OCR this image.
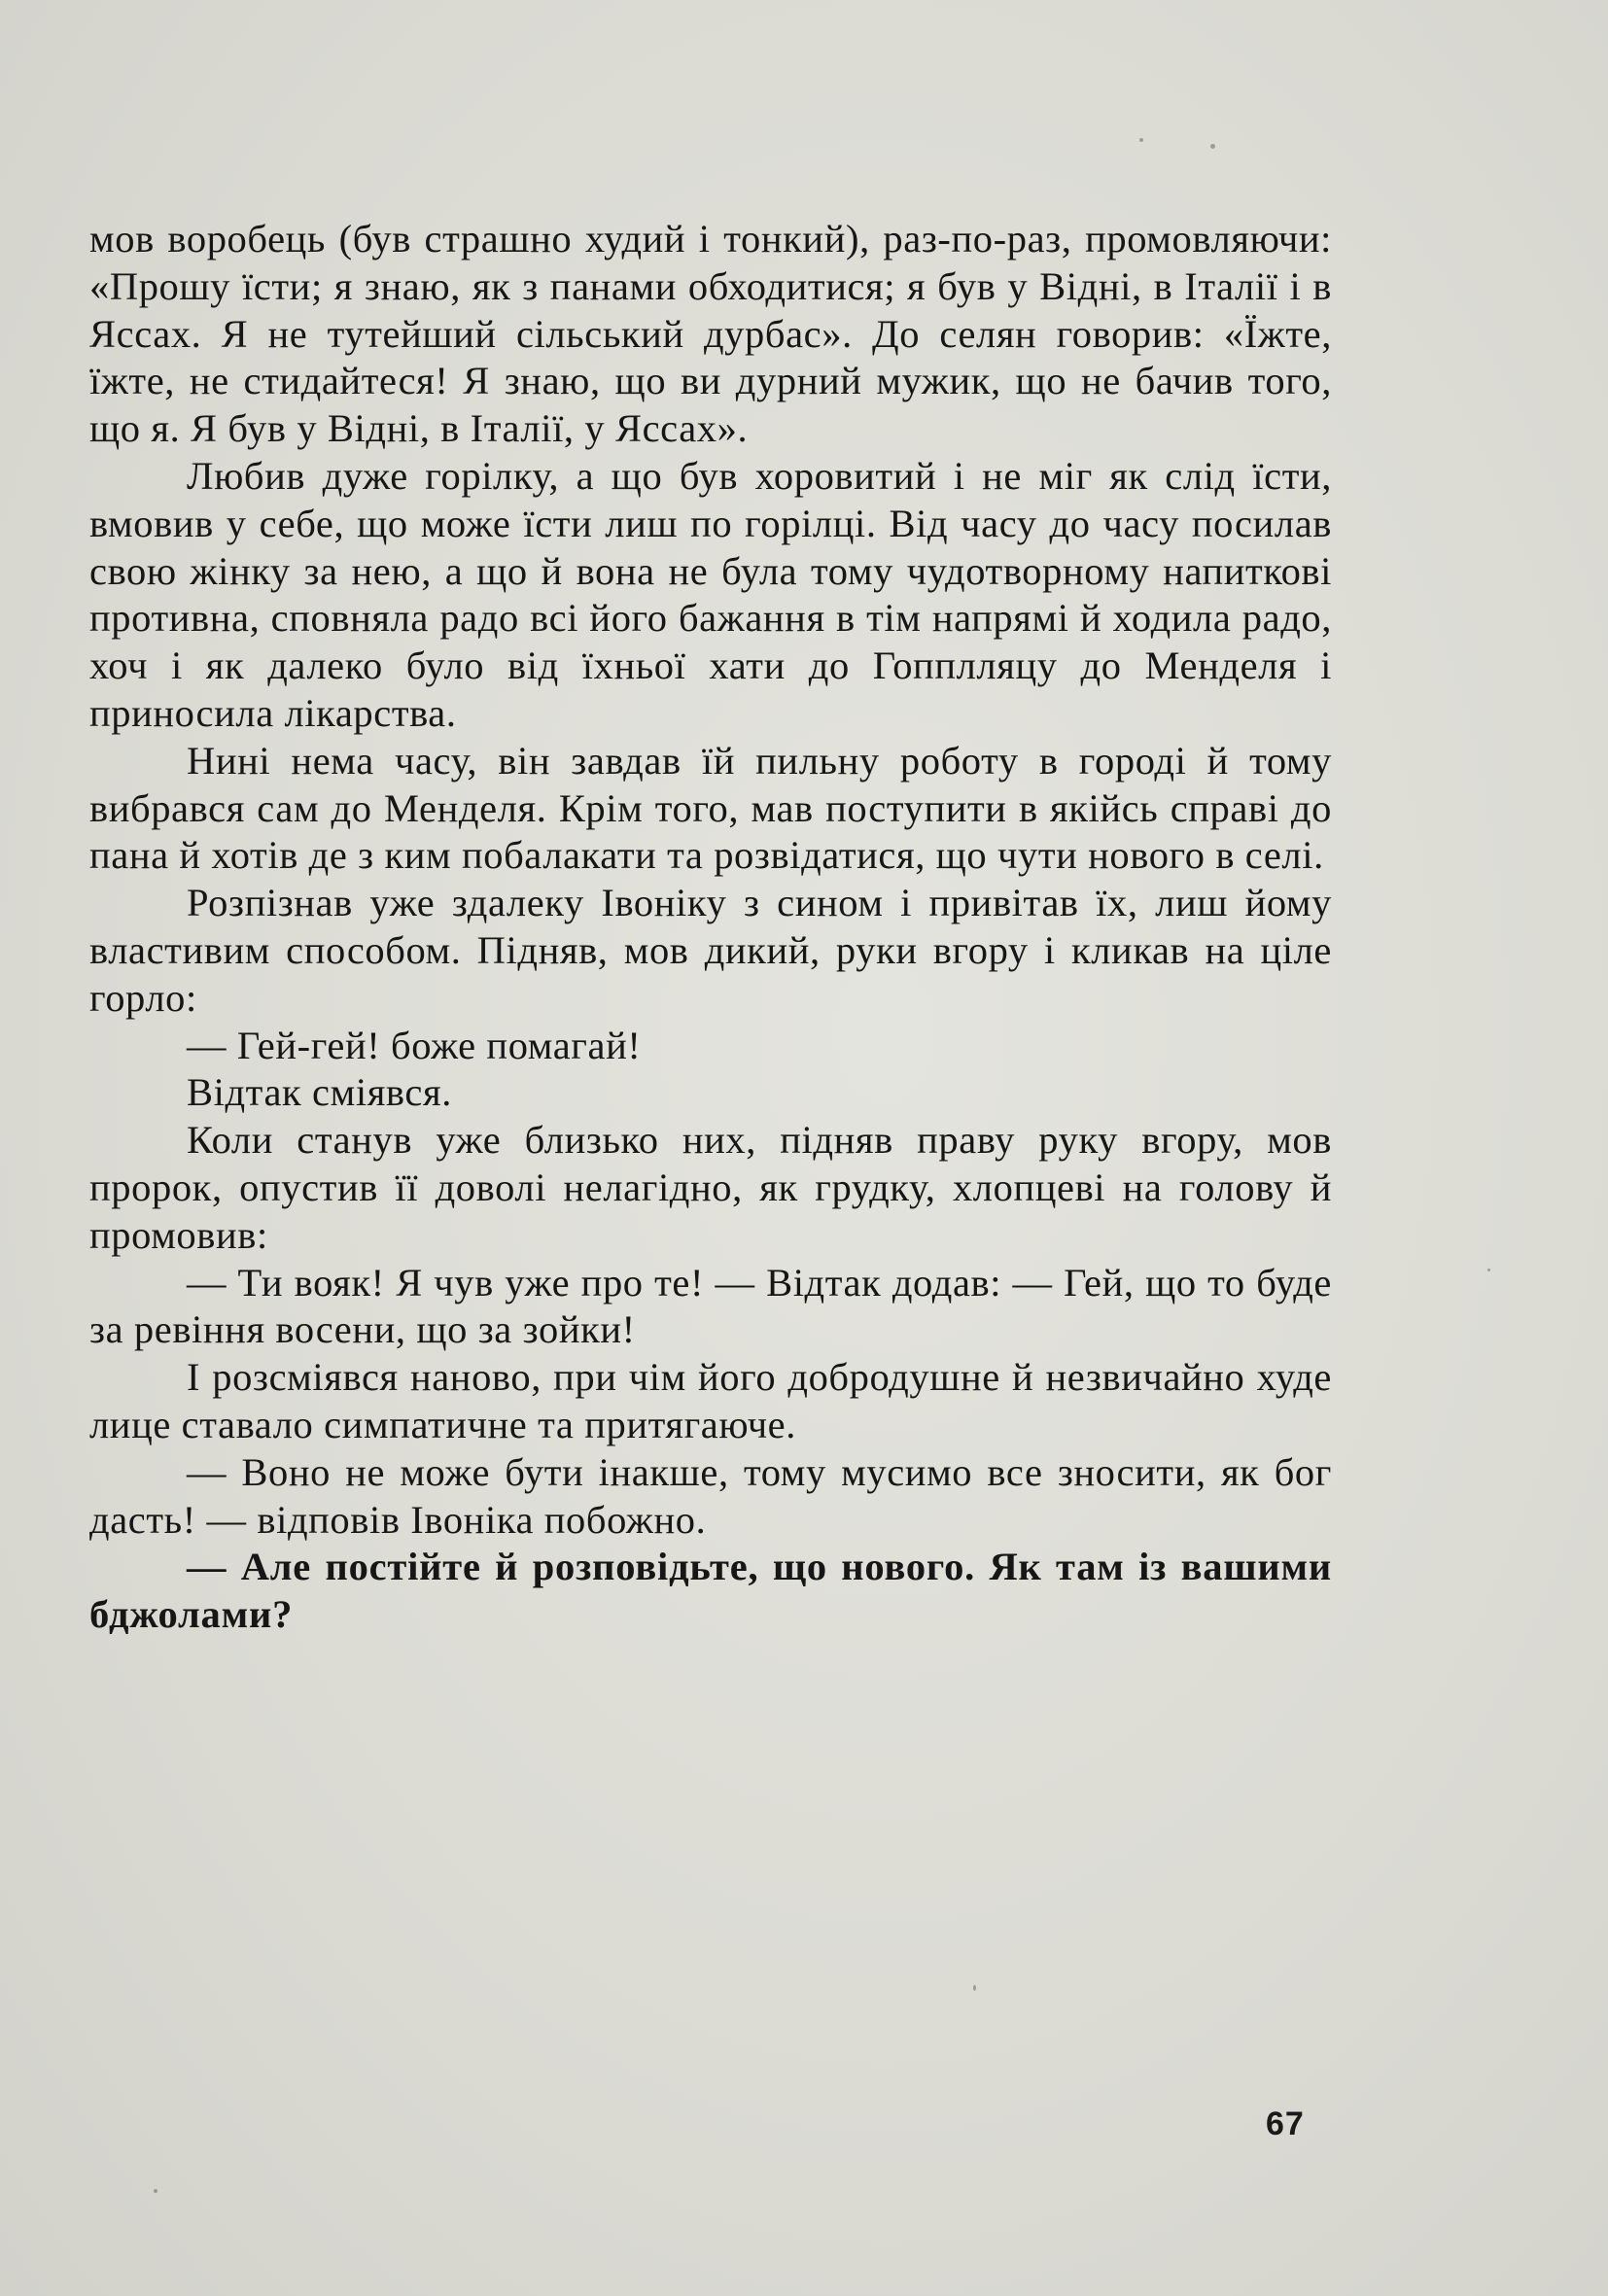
мов воробець (був страшно худий і тонкий), раз-по-раз, промовляючи: «Прошу їсти; я знаю, як з панами обходитися; я був у Відні, в Італії і в Яссах. Я не тутейший сільський дурбас». До селян говорив: «Їжте, їжте, не стидайтеся! Я знаю, що ви дурний мужик, що не бачив того, що я. Я був у Відні, в Італії, у Яссах».

Любив дуже горілку, а що був хоровитий і не міг як слід їсти, вмовив у себе, що може їсти лиш по горілці. Від часу до часу посилав свою жінку за нею, а що й вона не була тому чудотворному напиткові противна, сповняла радо всі його бажання в тім напрямі й ходила радо, хоч і як далеко було від їхньої хати до Гопплляцу до Менделя і приносила лікарства.

Нині нема часу, він завдав їй пильну роботу в городі й тому вибрався сам до Менделя. Крім того, мав поступити в якійсь справі до пана й хотів де з ким побалакати та розвідатися, що чути нового в селі.

Розпізнав уже здалеку Івоніку з сином і привітав їх, лиш йому властивим способом. Підняв, мов дикий, руки вгору і кликав на ціле горло:

— Гей-гей! боже помагай!

Відтак сміявся.

Коли станув уже близько них, підняв праву руку вгору, мов пророк, опустив її доволі нелагідно, як грудку, хлопцеві на голову й промовив:

— Ти вояк! Я чув уже про те! — Відтак додав: — Гей, що то буде за ревіння восени, що за зойки!

І розсміявся наново, при чім його добродушне й незвичайно худе лице ставало симпатичне та притягаюче.

— Воно не може бути інакше, тому мусимо все зносити, як бог дасть! — відповів Івоніка побожно.

— Але постійте й розповідьте, що нового. Як там із вашими бджолами?

67
